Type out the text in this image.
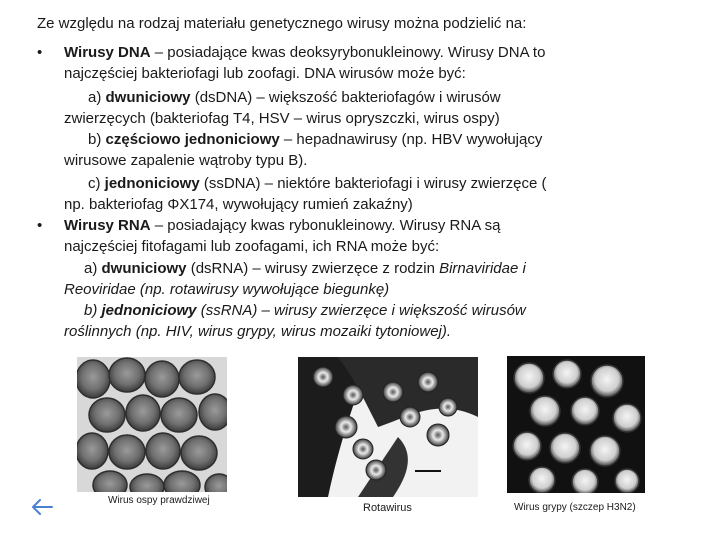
Ze względu na rodzaj materiału genetycznego wirusy można podzielić na:
• Wirusy DNA – posiadające kwas deoksyrybonukleinowy. Wirusy DNA to
najczęściej bakteriofagi lub zoofagi. DNA wirusów może być:
a) dwuniciowy (dsDNA) – większość bakteriofagów i wirusów
zwierzęcych (bakteriofag T4, HSV – wirus opryszczki, wirus ospy)
b) częściowo jednoniciowy – hepadnawirusy (np. HBV wywołujący
wirusowe zapalenie wątroby typu B).
c) jednoniciowy (ssDNA) – niektóre bakteriofagi i wirusy zwierzęce (
np. bakteriofag ΦX174, wywołujący rumień zakaźny)
• Wirusy RNA – posiadający kwas rybonukleinowy. Wirusy RNA są
najczęściej fitofagami lub zoofagami, ich RNA może być:
a) dwuniciowy (dsRNA) – wirusy zwierzęce z rodzin Birnaviridae i
Reoviridae (np. rotawirusy wywołujące biegunkę)
b) jednoniciowy (ssRNA) – wirusy zwierzęce i większość wirusów
roślinnych (np. HIV, wirus grypy, wirus mozaiki tytoniowej).
Wirus ospy prawdziwej
Rotawirus	Wirus grypy (szczep H3N2)
